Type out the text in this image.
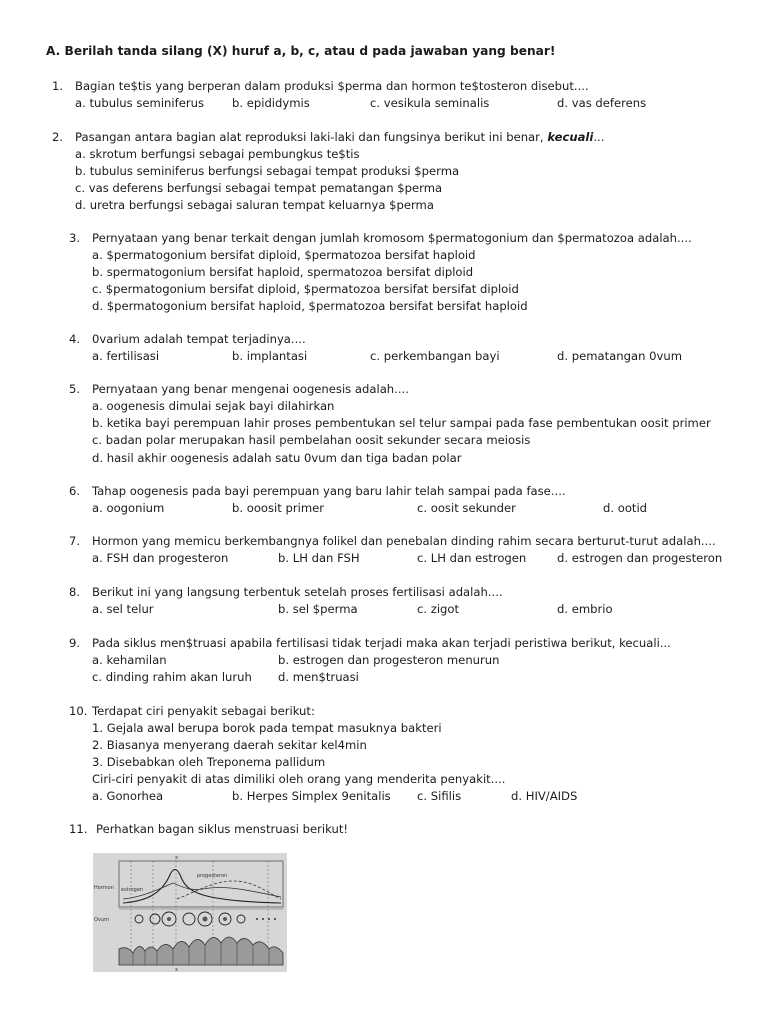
A. Berilah tanda silang (X) huruf a, b, c, atau d pada jawaban yang benar!
1. Bagian te$tis yang berperan dalam produksi $perma dan hormon te$tosteron disebut....
a. tubulus seminiferus b. epididymis	c. vesikula seminalis	d. vas deferens
2. Pasangan antara bagian alat reproduksi laki-laki dan fungsinya berikut ini benar, kecuali...
a. skrotum berfungsi sebagai pembungkus te$tis
b. tubulus seminiferus berfungsi sebagai tempat produksi $perma
c. vas deferens berfungsi sebagai tempat pematangan $perma
d. uretra berfungsi sebagai saluran tempat keluarnya $perma
3. Pernyataan yang benar terkait dengan jumlah kromosom $permatogonium dan $permatozoa adalah....
a. $permatogonium bersifat diploid, $permatozoa bersifat haploid
b. spermatogonium bersifat haploid, spermatozoa bersifat diploid
c. $permatogonium bersifat diploid, $permatozoa bersifat bersifat diploid
d. $permatogonium bersifat haploid, $permatozoa bersifat bersifat haploid
4. 0varium adalah tempat terjadinya....
a. fertilisasi	b. implantasi	c. perkembangan bayi	d. pematangan 0vum
5. Pernyataan yang benar mengenai oogenesis adalah....
a. oogenesis dimulai sejak bayi dilahirkan
b. ketika bayi perempuan lahir proses pembentukan sel telur sampai pada fase pembentukan oosit primer
c. badan polar merupakan hasil pembelahan oosit sekunder secara meiosis
d. hasil akhir oogenesis adalah satu 0vum dan tiga badan polar
6. Tahap oogenesis pada bayi perempuan yang baru lahir telah sampai pada fase....
a. oogonium	b. ooosit primer	c. oosit sekunder	d. ootid
7. Hormon yang memicu berkembangnya folikel dan penebalan dinding rahim secara berturut-turut adalah....
a. FSH dan progesteron	b. LH dan FSH	c. LH dan estrogen	d. estrogen dan progesteron
8. Berikut ini yang langsung terbentuk setelah proses fertilisasi adalah....
a. sel telur	b. sel $perma	c. zigot	d. embrio
9. Pada siklus men$truasi apabila fertilisasi tidak terjadi maka akan terjadi peristiwa berikut, kecuali...
a. kehamilan	b. estrogen dan progesteron menurun
c. dinding rahim akan luruh d. men$truasi
10. Terdapat ciri penyakit sebagai berikut:
1. Gejala awal berupa borok pada tempat masuknya bakteri
2. Biasanya menyerang daerah sekitar kel4min
3. Disebabkan oleh Treponema pallidum
Ciri-ciri penyakit di atas dimiliki oleh orang yang menderita penyakit....
a. Gonorhea	b. Herpes Simplex 9enitalis c. Sifilis	d. HIV/AIDS
11. Perhatkan bagan siklus menstruasi berikut!
x
x
Hormon
Ovum
estrogen
progesteron
